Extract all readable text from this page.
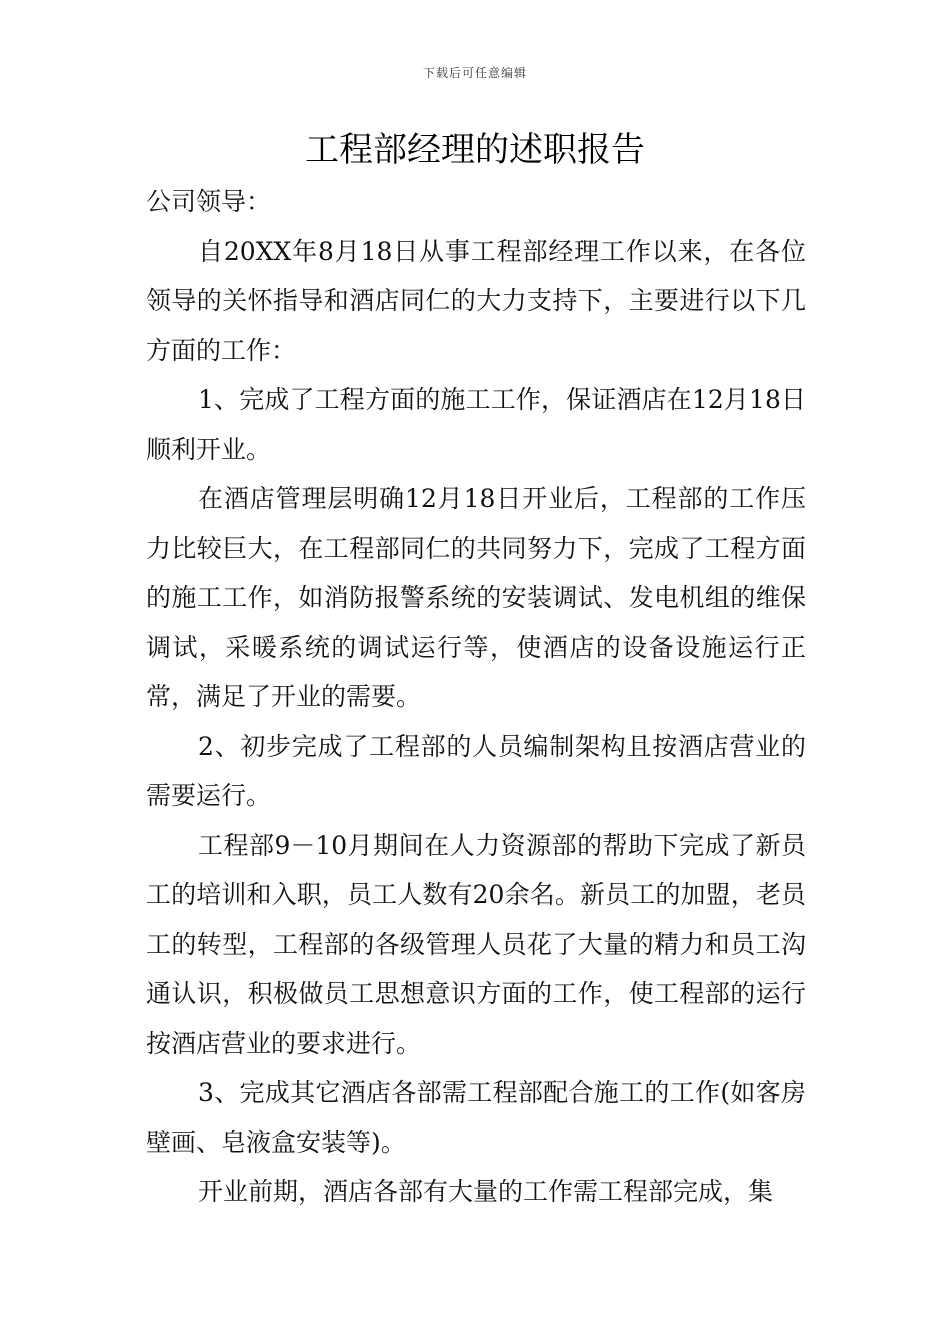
下载后可任意编辑
工程部经理的述职报告

公司领导：

自20XX年8月18日从事工程部经理工作以来，在各位领导的关怀指导和酒店同仁的大力支持下，主要进行以下几方面的工作：

1、完成了工程方面的施工工作，保证酒店在12月18日顺利开业。

在酒店管理层明确12月18日开业后，工程部的工作压力比较巨大，在工程部同仁的共同努力下，完成了工程方面的施工工作，如消防报警系统的安装调试、发电机组的维保调试，采暖系统的调试运行等，使酒店的设备设施运行正常，满足了开业的需要。

2、初步完成了工程部的人员编制架构且按酒店营业的需要运行。

工程部9－10月期间在人力资源部的帮助下完成了新员工的培训和入职，员工人数有20余名。新员工的加盟，老员工的转型，工程部的各级管理人员花了大量的精力和员工沟通认识，积极做员工思想意识方面的工作，使工程部的运行按酒店营业的要求进行。

3、完成其它酒店各部需工程部配合施工的工作(如客房壁画、皂液盒安装等)。

开业前期，酒店各部有大量的工作需工程部完成，集
